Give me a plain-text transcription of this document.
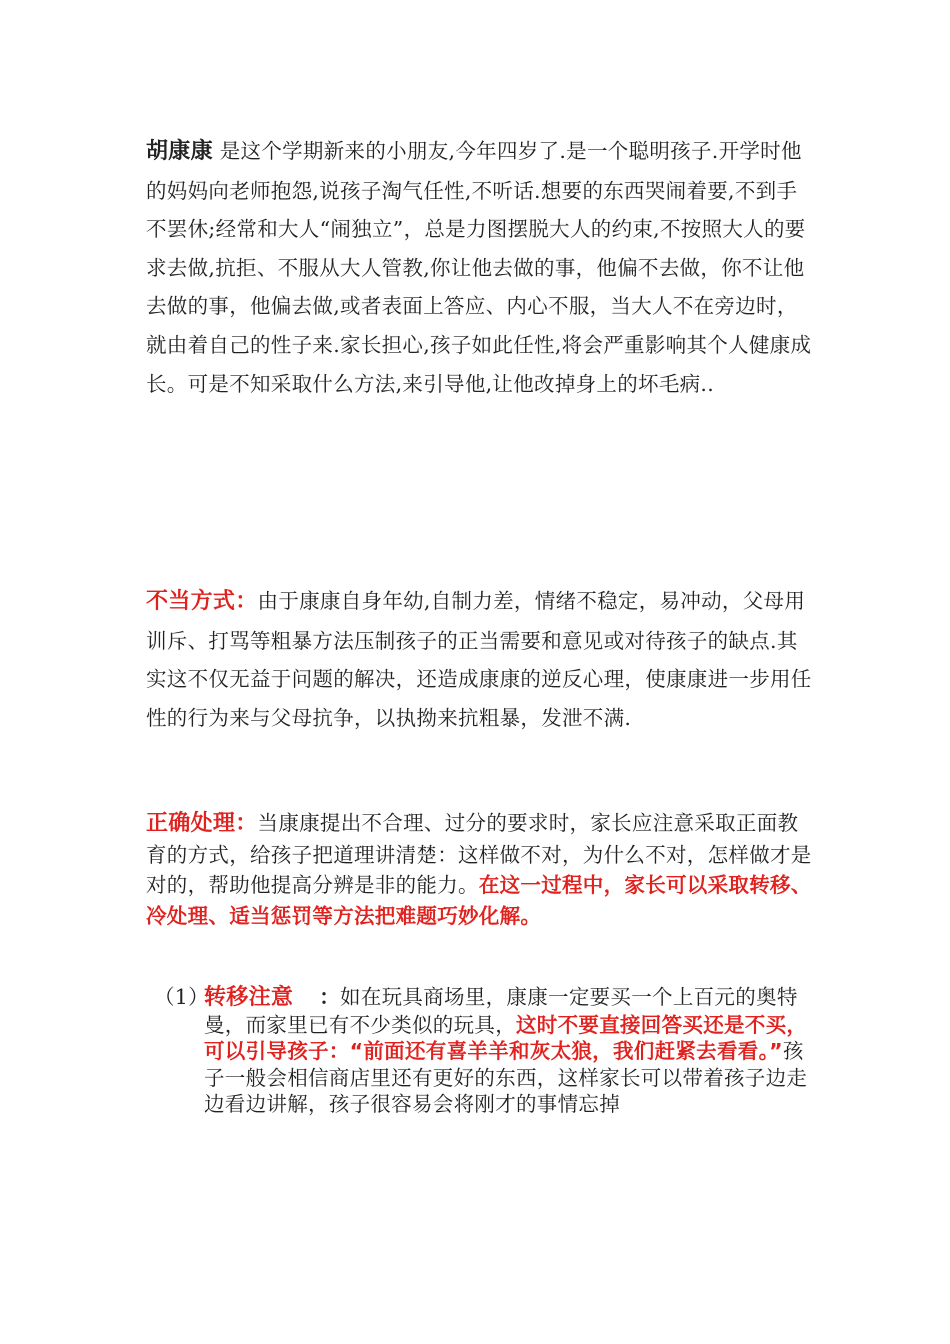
胡康康 是这个学期新来的小朋友,今年四岁了.是一个聪明孩子.开学时他的妈妈向老师抱怨,说孩子淘气任性,不听话.想要的东西哭闹着要,不到手不罢休;经常和大人“闹独立”，总是力图摆脱大人的约束,不按照大人的要求去做,抗拒、不服从大人管教,你让他去做的事，他偏不去做，你不让他去做的事，他偏去做,或者表面上答应、内心不服，当大人不在旁边时，就由着自己的性子来.家长担心,孩子如此任性,将会严重影响其个人健康成长。可是不知采取什么方法,来引导他,让他改掉身上的坏毛病..
不当方式：由于康康自身年幼,自制力差，情绪不稳定，易冲动，父母用训斥、打骂等粗暴方法压制孩子的正当需要和意见或对待孩子的缺点.其实这不仅无益于问题的解决，还造成康康的逆反心理，使康康进一步用任性的行为来与父母抗争，以执拗来抗粗暴，发泄不满.
正确处理：当康康提出不合理、过分的要求时，家长应注意采取正面教育的方式，给孩子把道理讲清楚：这样做不对，为什么不对，怎样做才是对的，帮助他提高分辨是非的能力。在这一过程中，家长可以采取转移、冷处理、适当惩罚等方法把难题巧妙化解。
（1）
转移注意 ：如在玩具商场里，康康一定要买一个上百元的奥特曼，而家里已有不少类似的玩具，这时不要直接回答买还是不买，可以引导孩子：“前面还有喜羊羊和灰太狼，我们赶紧去看看。”孩子一般会相信商店里还有更好的东西，这样家长可以带着孩子边走边看边讲解，孩子很容易会将刚才的事情忘掉
